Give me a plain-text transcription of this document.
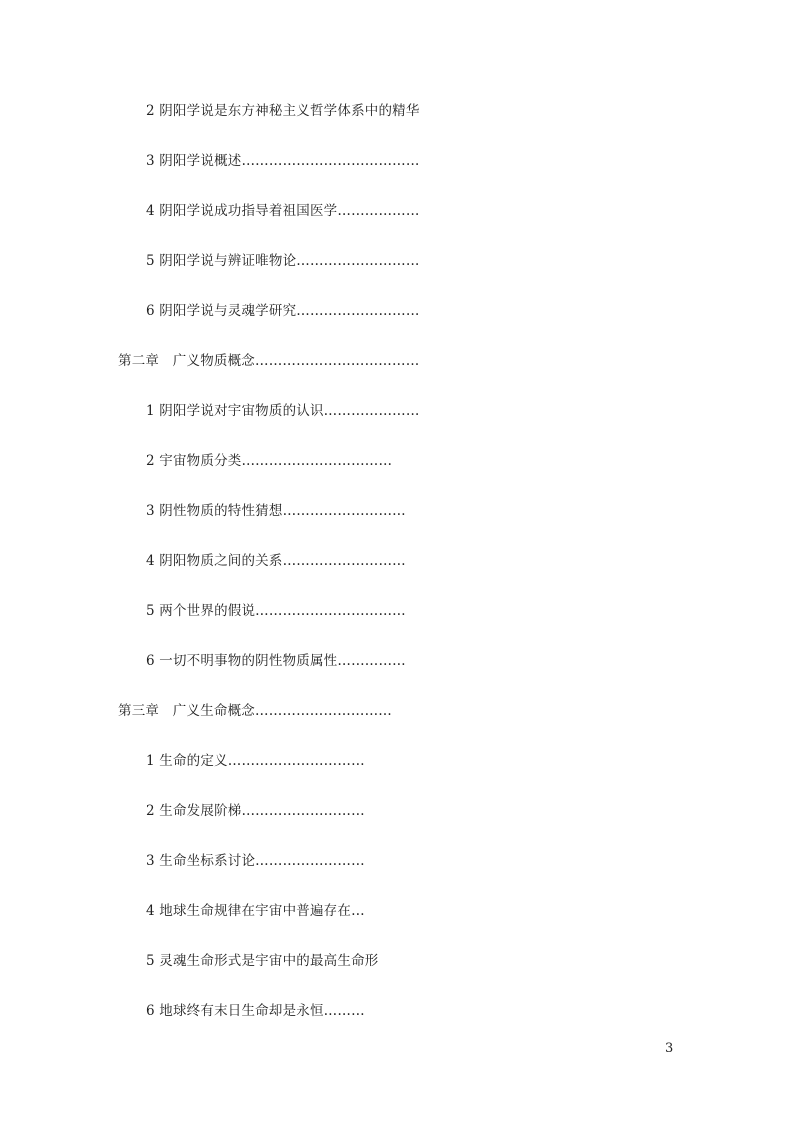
2 阴阳学说是东方神秘主义哲学体系中的精华
3 阴阳学说概述…………………………………
4 阴阳学说成功指导着祖国医学………………
5 阴阳学说与辨证唯物论………………………
6 阴阳学说与灵魂学研究………………………
第二章　广义物质概念………………………………
1 阴阳学说对宇宙物质的认识…………………
2 宇宙物质分类……………………………
3 阴性物质的特性猜想………………………
4 阴阳物质之间的关系………………………
5 两个世界的假说……………………………
6 一切不明事物的阴性物质属性……………
第三章　广义生命概念…………………………
1 生命的定义…………………………
2 生命发展阶梯………………………
3 生命坐标系讨论……………………
4 地球生命规律在宇宙中普遍存在…
5 灵魂生命形式是宇宙中的最高生命形
6 地球终有末日生命却是永恒………
3
